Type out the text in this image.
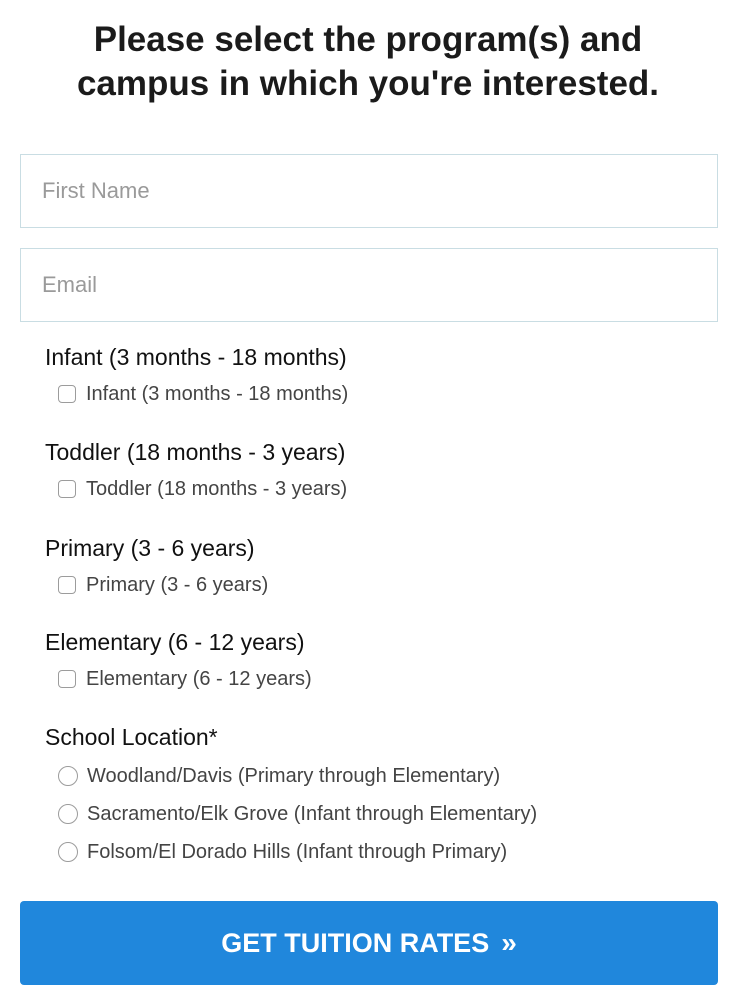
Please select the program(s) and
campus in which you're interested.
First Name
Email
Infant (3 months - 18 months)
Infant (3 months - 18 months)
Toddler (18 months - 3 years)
Toddler (18 months - 3 years)
Primary (3 - 6 years)
Primary (3 - 6 years)
Elementary (6 - 12 years)
Elementary (6 - 12 years)
School Location*
Woodland/Davis (Primary through Elementary)
Sacramento/Elk Grove (Infant through Elementary)
Folsom/El Dorado Hills (Infant through Primary)
GET TUITION RATES »
